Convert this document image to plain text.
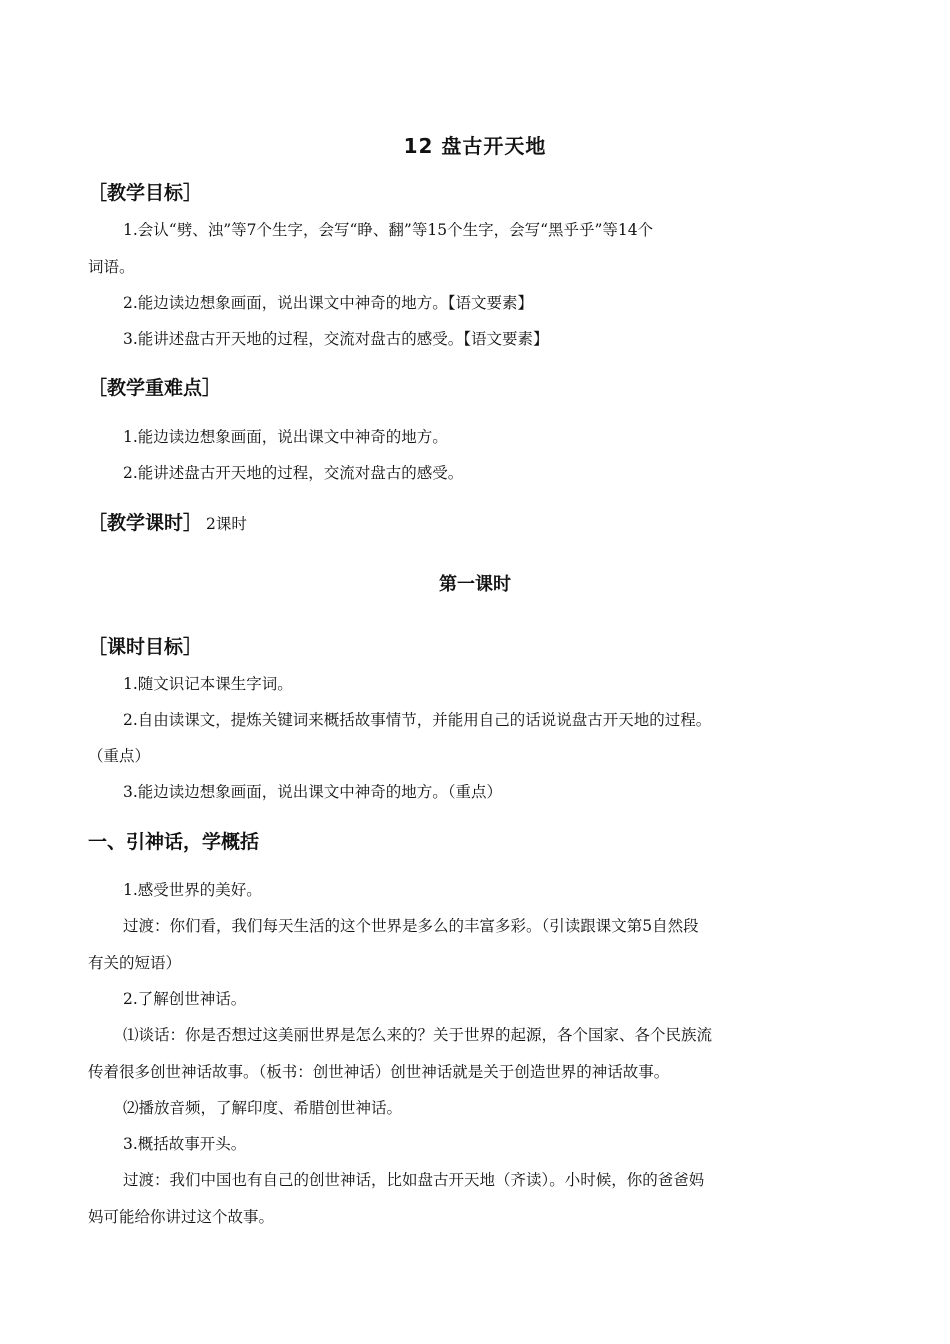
12 盘古开天地
［教学目标］
1.会认“劈、浊”等7个生字，会写“睁、翻”等15个生字，会写“黑乎乎”等14个
词语。
2.能边读边想象画面，说出课文中神奇的地方。【语文要素】
3.能讲述盘古开天地的过程，交流对盘古的感受。【语文要素】
［教学重难点］
1.能边读边想象画面，说出课文中神奇的地方。
2.能讲述盘古开天地的过程，交流对盘古的感受。
［教学课时］ 2课时
第一课时
［课时目标］
1.随文识记本课生字词。
2.自由读课文，提炼关键词来概括故事情节，并能用自己的话说说盘古开天地的过程。
（重点）
3.能边读边想象画面，说出课文中神奇的地方。（重点）
一、引神话，学概括
1.感受世界的美好。
过渡：你们看，我们每天生活的这个世界是多么的丰富多彩。（引读跟课文第5自然段
有关的短语）
2.了解创世神话。
⑴谈话：你是否想过这美丽世界是怎么来的？关于世界的起源，各个国家、各个民族流
传着很多创世神话故事。（板书：创世神话）创世神话就是关于创造世界的神话故事。
⑵播放音频，了解印度、希腊创世神话。
3.概括故事开头。
过渡：我们中国也有自己的创世神话，比如盘古开天地（齐读）。小时候，你的爸爸妈
妈可能给你讲过这个故事。
